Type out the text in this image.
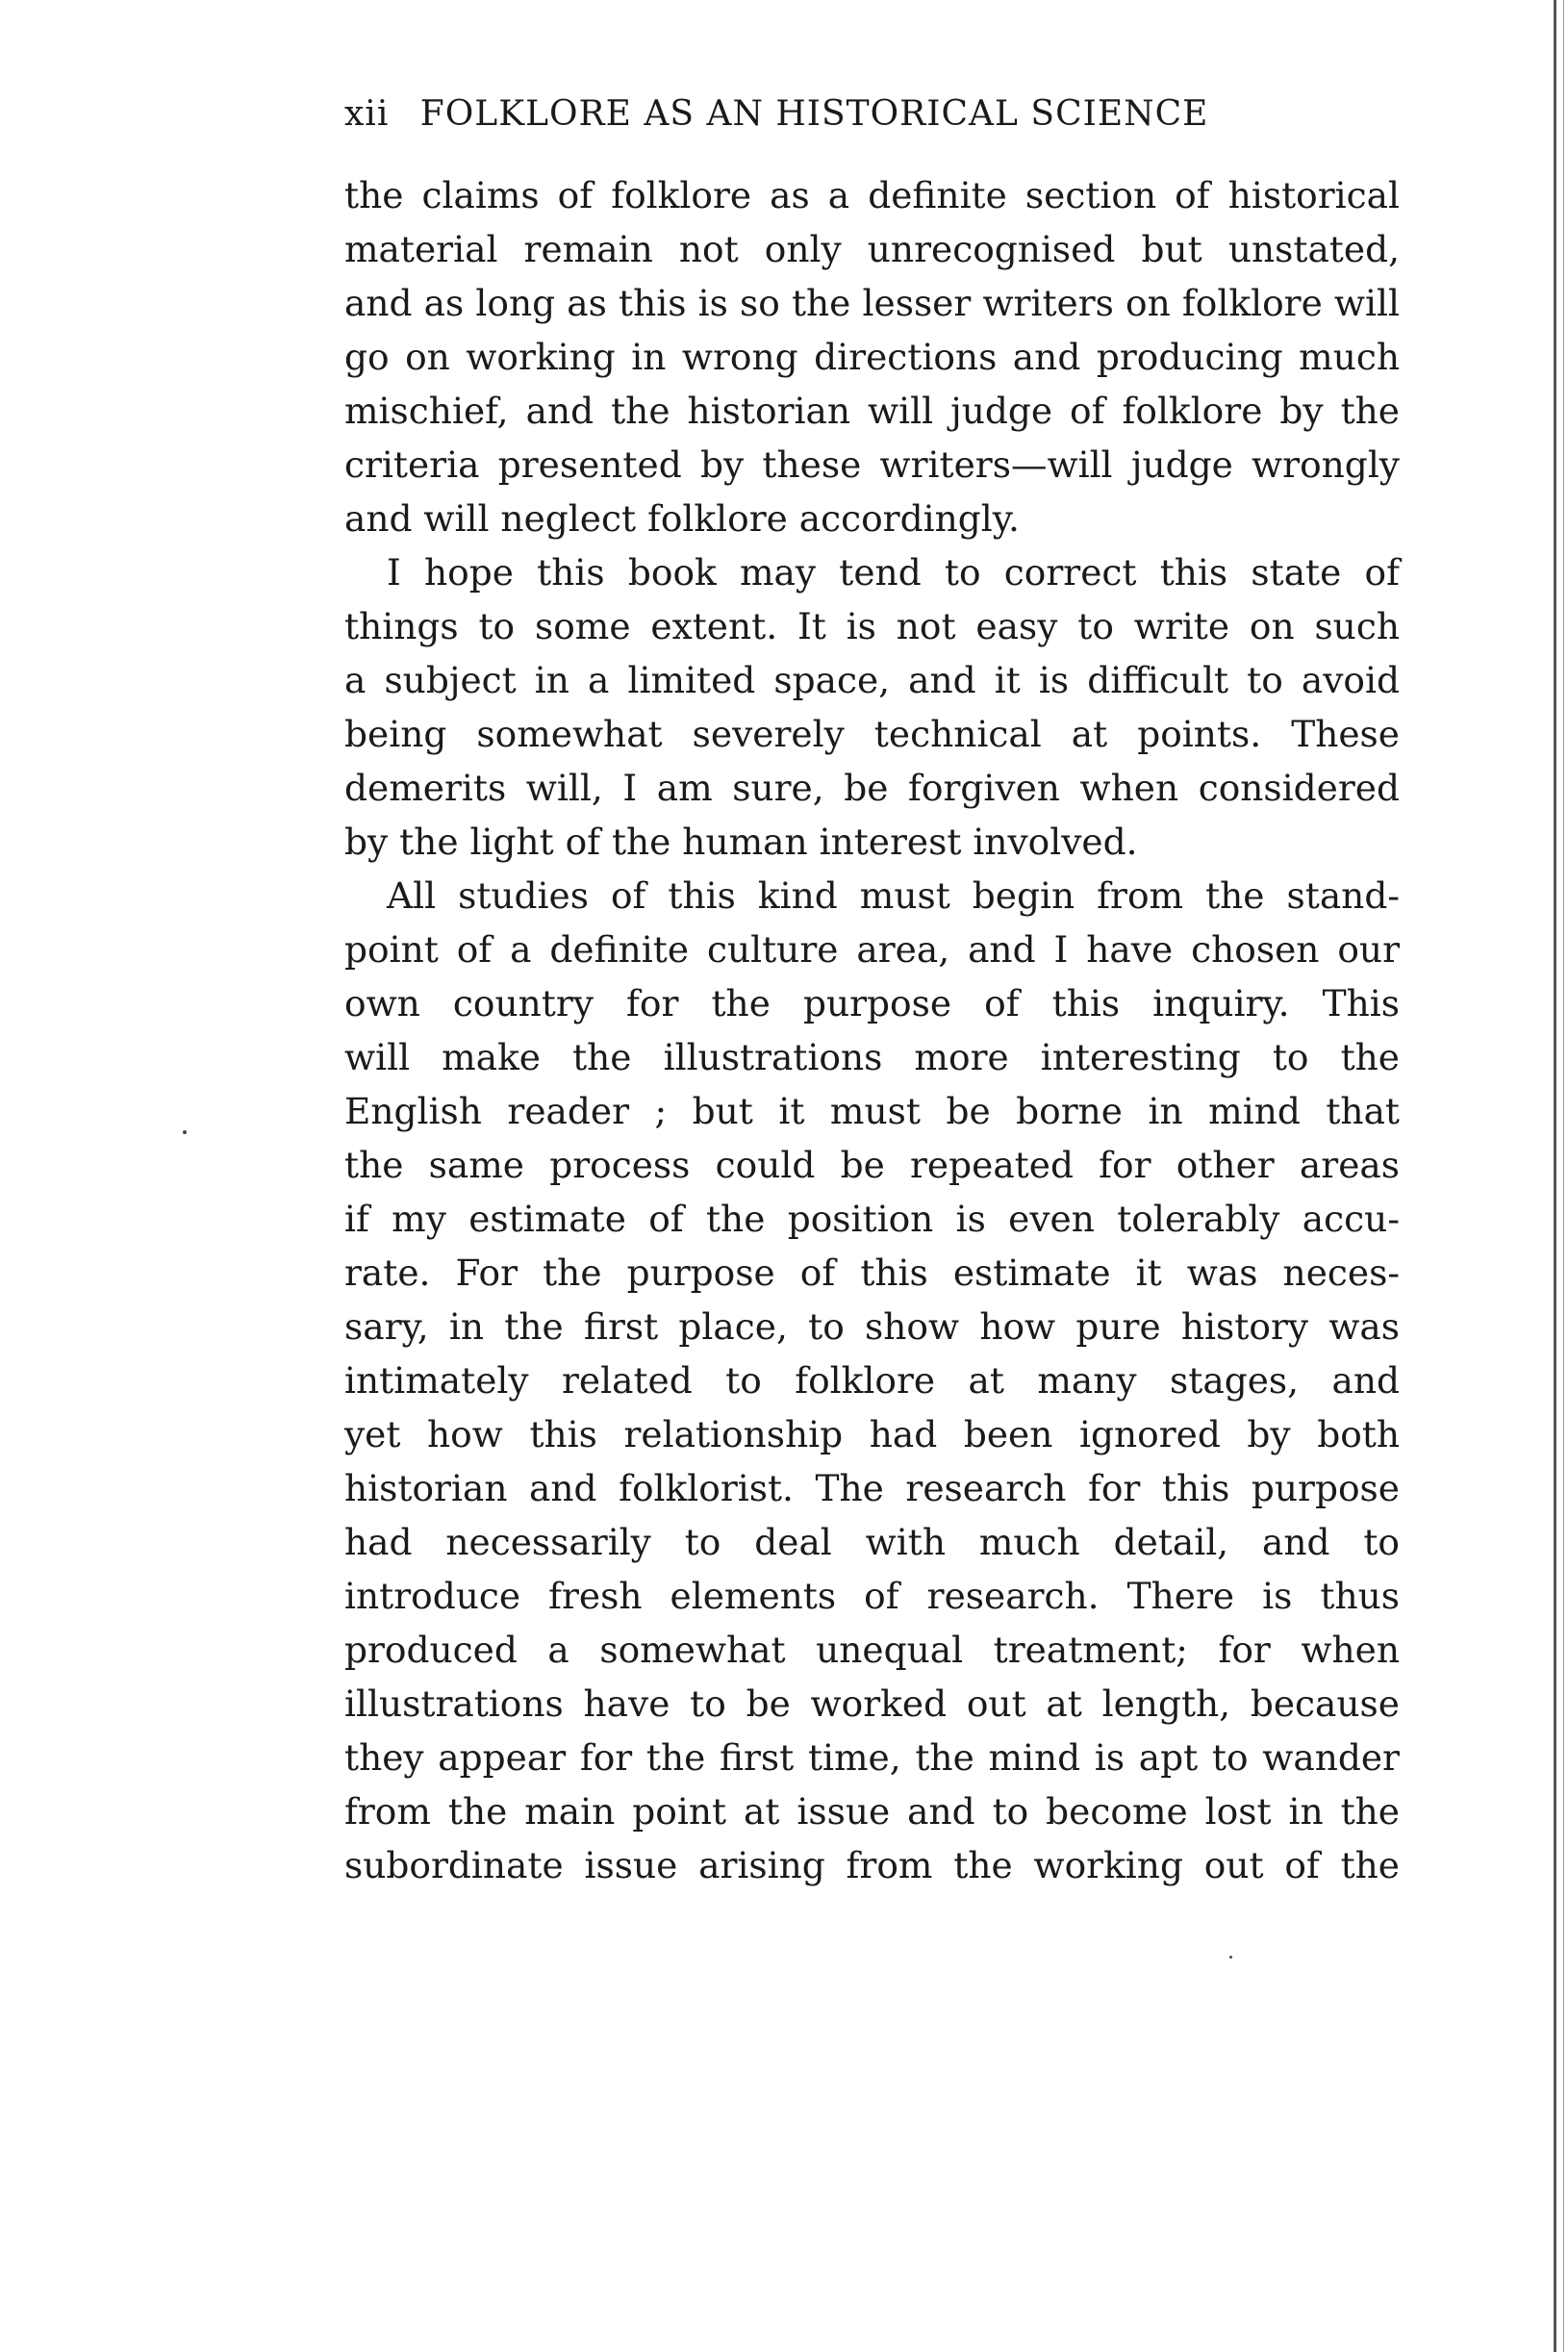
xii FOLKLORE AS AN HISTORICAL SCIENCE
the claims of folklore as a definite section of historical
material remain not only unrecognised but unstated,
and as long as this is so the lesser writers on folklore will
go on working in wrong directions and producing much
mischief, and the historian will judge of folklore by the
criteria presented by these writers—will judge wrongly
and will neglect folklore accordingly.
I hope this book may tend to correct this state of
things to some extent. It is not easy to write on such
a subject in a limited space, and it is difficult to avoid
being somewhat severely technical at points. These
demerits will, I am sure, be forgiven when considered
by the light of the human interest involved.
All studies of this kind must begin from the stand-
point of a definite culture area, and I have chosen our
own country for the purpose of this inquiry. This
will make the illustrations more interesting to the
English reader ; but it must be borne in mind that
the same process could be repeated for other areas
if my estimate of the position is even tolerably accu-
rate. For the purpose of this estimate it was neces-
sary, in the first place, to show how pure history was
intimately related to folklore at many stages, and
yet how this relationship had been ignored by both
historian and folklorist. The research for this purpose
had necessarily to deal with much detail, and to
introduce fresh elements of research. There is thus
produced a somewhat unequal treatment; for when
illustrations have to be worked out at length, because
they appear for the first time, the mind is apt to wander
from the main point at issue and to become lost in the
subordinate issue arising from the working out of the
